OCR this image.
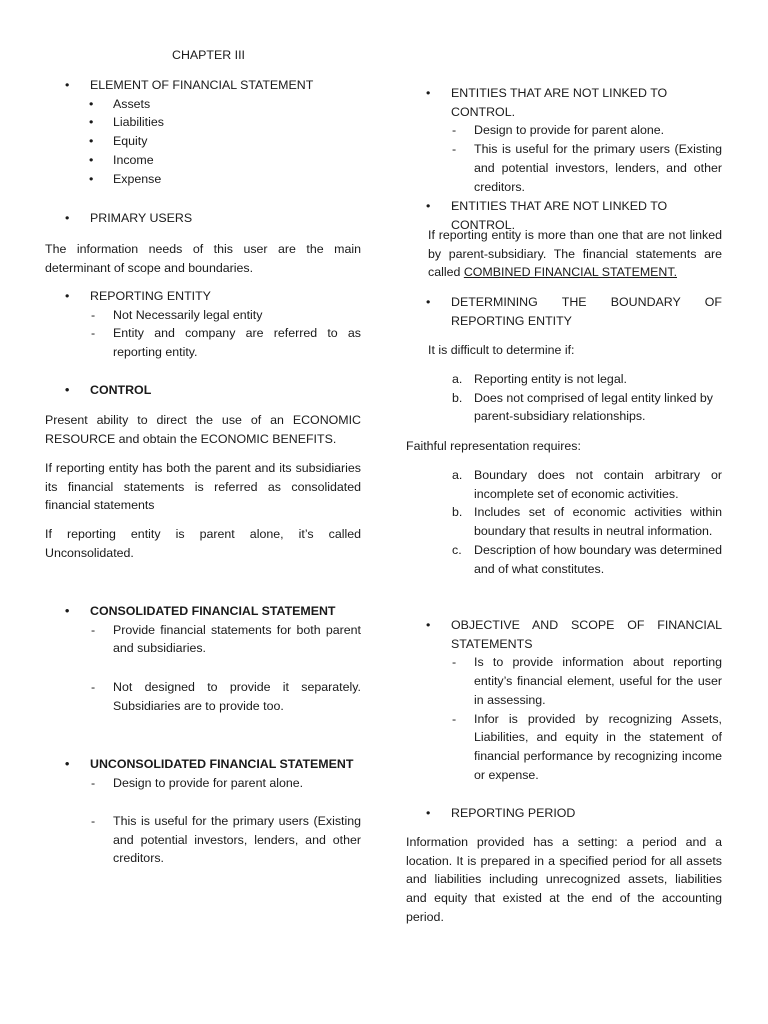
CHAPTER III
• ELEMENT OF FINANCIAL STATEMENT
• Assets
• Liabilities
• Equity
• Income
• Expense
• PRIMARY USERS
The information needs of this user are the main determinant of scope and boundaries.
• REPORTING ENTITY
- Not Necessarily legal entity
- Entity and company are referred to as reporting entity.
• CONTROL
Present ability to direct the use of an ECONOMIC RESOURCE and obtain the ECONOMIC BENEFITS.
If reporting entity has both the parent and its subsidiaries its financial statements is referred as consolidated financial statements
If reporting entity is parent alone, it’s called Unconsolidated.
• CONSOLIDATED FINANCIAL STATEMENT
- Provide financial statements for both parent and subsidiaries.
- Not designed to provide it separately. Subsidiaries are to provide too.
• UNCONSOLIDATED FINANCIAL STATEMENT
- Design to provide for parent alone.
- This is useful for the primary users (Existing and potential investors, lenders, and other creditors.
• ENTITIES THAT ARE NOT LINKED TO CONTROL.
- Design to provide for parent alone.
- This is useful for the primary users (Existing and potential investors, lenders, and other creditors.
-
• ENTITIES THAT ARE NOT LINKED TO CONTROL.
If reporting entity is more than one that are not linked by parent-subsidiary. The financial statements are called COMBINED FINANCIAL STATEMENT.
• DETERMINING THE BOUNDARY OF REPORTING ENTITY
It is difficult to determine if:
a. Reporting entity is not legal.
b. Does not comprised of legal entity linked by parent-subsidiary relationships.
Faithful representation requires:
a. Boundary does not contain arbitrary or incomplete set of economic activities.
b. Includes set of economic activities within boundary that results in neutral information.
c. Description of how boundary was determined and of what constitutes.
• OBJECTIVE AND SCOPE OF FINANCIAL STATEMENTS
- Is to provide information about reporting entity’s financial element, useful for the user in assessing.
- Infor is provided by recognizing Assets, Liabilities, and equity in the statement of financial performance by recognizing income or expense.
• REPORTING PERIOD
Information provided has a setting: a period and a location. It is prepared in a specified period for all assets and liabilities including unrecognized assets, liabilities and equity that existed at the end of the accounting period.
